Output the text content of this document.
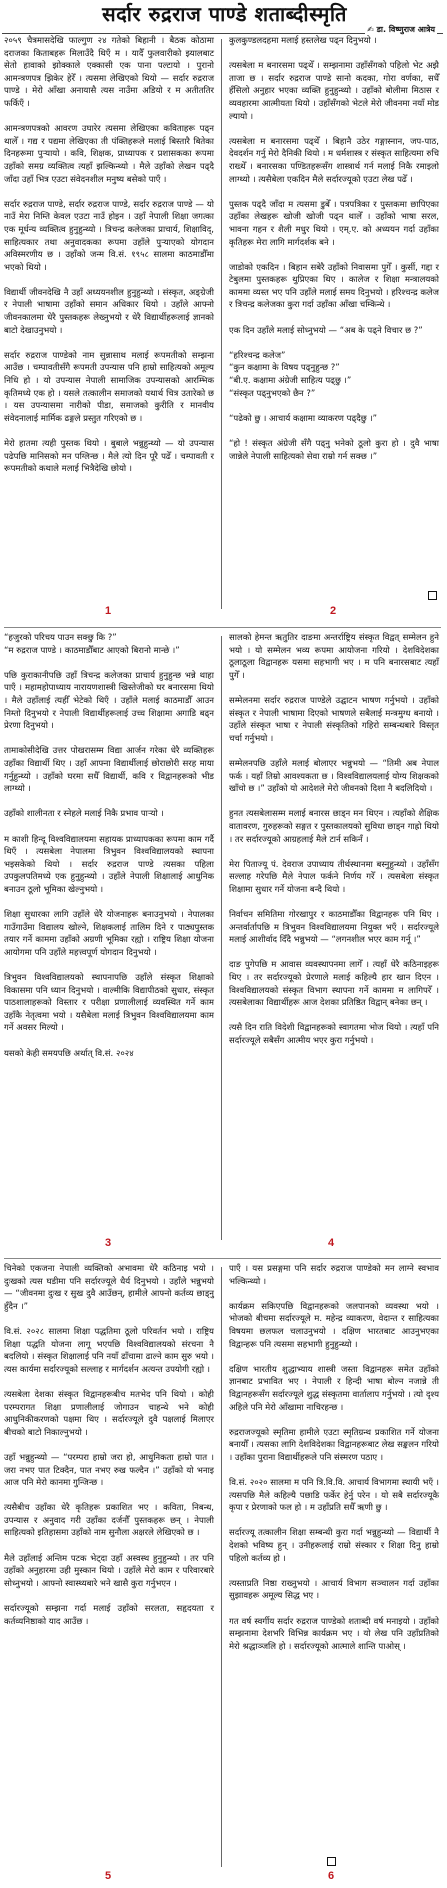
सर्दार रुद्रराज पाण्डे शताब्दीस्मृति
✍ डा. विष्णुराज आत्रेय

२०५९ चैत्रमासदेखि फाल्गुण २४ गतेको बिहानी । बैठक कोठामा दराजका किताबहरू मिलाउँदै थिएँ म । यादैँ फुलवारीको झ्यालबाट सेतो हावाको झोक्काले एक्कासी एक पाना पल्टायो । पुरानो आमन्त्रणपत्र झिकेर हेरेँ । त्यसमा लेखिएको थियो — सर्दार रुद्रराज पाण्डे । मेरो आँखा अनायासै त्यस नाउँमा अडियो र म अतीततिर फर्किएँ ।

आमन्त्रणपत्रको आवरण उघारेर त्यसमा लेखिएका कविताहरू पढ्न थालेँ । गद्य र पद्यमा लेखिएका ती पंक्तिहरूले मलाई बिस्तारै बितेका दिनहरूमा पुऱ्यायो । कवि, शिक्षक, प्राध्यापक र प्रशासकका रूपमा उहाँको समग्र व्यक्तित्व त्यहाँ झल्किन्थ्यो । मैले उहाँको लेखन पढ्दै जाँदा उहाँ भित्र एउटा संवेदनशील मनुष्य बसेको पाएँ ।

सर्दार रुद्रराज पाण्डे, सर्दार रुद्रराज पाण्डे, सर्दार रुद्रराज पाण्डे — यो नाउँ मेरा निम्ति केवल एउटा नाउँ होइन । उहाँ नेपाली शिक्षा जगत्का एक मूर्धन्य व्यक्तित्व हुनुहुन्थ्यो । त्रिचन्द्र कलेजका प्राचार्य, शिक्षाविद्, साहित्यकार तथा अनुवादकका रूपमा उहाँले पुऱ्याएको योगदान अविस्मरणीय छ । उहाँको जन्म वि.सं. १९५८ सालमा काठमाडौँमा भएको थियो ।

विद्यार्थी जीवनदेखि नै उहाँ अध्ययनशील हुनुहुन्थ्यो । संस्कृत, अङ्ग्रेजी र नेपाली भाषामा उहाँको समान अधिकार थियो । उहाँले आफ्नो जीवनकालमा धेरै पुस्तकहरू लेख्नुभयो र धेरै विद्यार्थीहरूलाई ज्ञानको बाटो देखाउनुभयो ।

सर्दार रुद्रराज पाण्डेको नाम सुन्नासाथ मलाई रूपमतीको सम्झना आउँछ । चम्पावतीसँगै रूपमती उपन्यास पनि हाम्रो साहित्यको अमूल्य निधि हो । यो उपन्यास नेपाली सामाजिक उपन्यासको आरम्भिक कृतिमध्ये एक हो । यसले तत्कालीन समाजको यथार्थ चित्र उतारेको छ । यस उपन्यासमा नारीको पीडा, समाजको कुरीति र मानवीय संवेदनालाई मार्मिक ढङ्गले प्रस्तुत गरिएको छ ।

मेरो हातमा त्यही पुस्तक थियो । बुबाले भन्नुहुन्थ्यो — यो उपन्यास पढेपछि मानिसको मन पग्लिन्छ । मैले त्यो दिन पूरै पढेँ । चम्पावती र रूपमतीको कथाले मलाई भित्रैदेखि छोयो ।

कुलकुण्डलदहमा मलाई हस्तलेख पढ्न दिनुभयो ।

त्यसबेला म बनारसमा पढ्थेँ । सम्झनामा उहाँसँगको पहिलो भेट अझै ताजा छ । सर्दार रुद्रराज पाण्डे सानो कदका, गोरा वर्णका, सधैँ हँसिलो अनुहार भएका व्यक्ति हुनुहुन्थ्यो । उहाँको बोलीमा मिठास र व्यवहारमा आत्मीयता थियो । उहाँसँगको भेटले मेरो जीवनमा नयाँ मोड ल्यायो ।

त्यसबेला म बनारसमा पढ्थेँ । बिहानै उठेर गङ्गास्नान, जप-पाठ, देवदर्शन गर्नु मेरो दैनिकी थियो । म धर्मशास्त्र र संस्कृत साहित्यमा रुचि राख्थेँ । बनारसका पण्डितहरूसँग शास्त्रार्थ गर्न मलाई निकै रमाइलो लाग्थ्यो । त्यसैबेला एकदिन मैले सर्दारज्यूको एउटा लेख पढेँ ।

पुस्तक पढ्दै जाँदा म त्यसमा डुबेँ । पत्रपत्रिका र पुस्तकमा छापिएका उहाँका लेखहरू खोजी खोजी पढ्न थालेँ । उहाँको भाषा सरल, भावना गहन र शैली मधुर थियो । एम्.ए. को अध्ययन गर्दा उहाँका कृतिहरू मेरा लागि मार्गदर्शक बने ।

जाडोको एकदिन । बिहान सबेरै उहाँको निवासमा पुगेँ । कुर्सी, गद्दा र टेबुलमा पुस्तकहरू थुप्रिएका थिए । कालेज र शिक्षा मन्त्रालयको काममा व्यस्त भए पनि उहाँले मलाई समय दिनुभयो । हरिश्चन्द्र कलेज र त्रिचन्द्र कलेजका कुरा गर्दा उहाँका आँखा चम्किन्थे ।

एक दिन उहाँले मलाई सोध्नुभयो — “अब के पढ्ने विचार छ ?”

“हरिश्चन्द्र कलेज”
“कुन कक्षामा के विषय पढ्नुहुन्छ ?”
“बी.ए. कक्षामा अंग्रेजी साहित्य पढ्छु ।”
“संस्कृत पढ्नुभएको छैन ?”

“पढेको छु । आचार्य कक्षामा व्याकरण पढ्दैछु ।”

“हो ! संस्कृत अंग्रेजी सँगै पढ्नु भनेको ठूलो कुरा हो । दुवै भाषा जान्नेले नेपाली साहित्यको सेवा राम्रो गर्न सक्छ ।”

1	2

“हजुरको परिचय पाउन सक्छु कि ?”
“म रुद्रराज पाण्डे । काठमाडौँबाट आएको बिरानो मान्छे ।”

पछि कुराकानीपछि उहाँ त्रिचन्द्र कलेजका प्राचार्य हुनुहुन्छ भन्ने थाहा पाएँ । महामहोपाध्याय नारायणशास्त्री खिस्तेजीको घर बनारसमा थियो । मैले उहाँलाई त्यहीँ भेटेको थिएँ । उहाँले मलाई काठमाडौँ आउन निम्तो दिनुभयो र नेपाली विद्यार्थीहरूलाई उच्च शिक्षामा अगाडि बढ्न प्रेरणा दिनुभयो ।

तामाकोसीदेखि उत्तर पोखरासम्म विद्या आर्जन गरेका धेरै व्यक्तिहरू उहाँका विद्यार्थी थिए । उहाँ आफ्ना विद्यार्थीलाई छोराछोरी सरह माया गर्नुहुन्थ्यो । उहाँको घरमा सधैँ विद्यार्थी, कवि र विद्वानहरूको भीड लाग्थ्यो ।

उहाँको शालीनता र स्नेहले मलाई निकै प्रभाव पाऱ्यो ।

म काशी हिन्दू विश्वविद्यालयमा सहायक प्राध्यापकका रूपमा काम गर्दै थिएँ । त्यसबेला नेपालमा त्रिभुवन विश्वविद्यालयको स्थापना भइसकेको थियो । सर्दार रुद्रराज पाण्डे त्यसका पहिला उपकुलपतिमध्ये एक हुनुहुन्थ्यो । उहाँले नेपाली शिक्षालाई आधुनिक बनाउन ठूलो भूमिका खेल्नुभयो ।

शिक्षा सुधारका लागि उहाँले धेरै योजनाहरू बनाउनुभयो । नेपालका गाउँगाउँमा विद्यालय खोल्ने, शिक्षकलाई तालिम दिने र पाठ्यपुस्तक तयार गर्ने काममा उहाँको अग्रणी भूमिका रह्यो । राष्ट्रिय शिक्षा योजना आयोगमा पनि उहाँले महत्त्वपूर्ण योगदान दिनुभयो ।

त्रिभुवन विश्वविद्यालयको स्थापनापछि उहाँले संस्कृत शिक्षाको विकासमा पनि ध्यान दिनुभयो । वाल्मीकि विद्यापीठको सुधार, संस्कृत पाठशालाहरूको विस्तार र परीक्षा प्रणालीलाई व्यवस्थित गर्ने काम उहाँकै नेतृत्वमा भयो । यसैबेला मलाई त्रिभुवन विश्वविद्यालयमा काम गर्ने अवसर मिल्यो ।

यसको केही समयपछि अर्थात् वि.सं. २०२४

सालको हेमन्त ऋतुतिर दाङमा अन्तर्राष्ट्रिय संस्कृत विद्वत् सम्मेलन हुने भयो । यो सम्मेलन भव्य रूपमा आयोजना गरियो । देशविदेशका ठूलाठूला विद्वानहरू यसमा सहभागी भए । म पनि बनारसबाट त्यहाँ पुगेँ ।

सम्मेलनमा सर्दार रुद्रराज पाण्डेले उद्घाटन भाषण गर्नुभयो । उहाँको संस्कृत र नेपाली भाषामा दिएको भाषणले सबैलाई मन्त्रमुग्ध बनायो । उहाँले संस्कृत भाषा र नेपाली संस्कृतिको गहिरो सम्बन्धबारे विस्तृत चर्चा गर्नुभयो ।

सम्मेलनपछि उहाँले मलाई बोलाएर भन्नुभयो — “तिमी अब नेपाल फर्क । यहाँ तिम्रो आवश्यकता छ । विश्वविद्यालयलाई योग्य शिक्षकको खाँचो छ ।” उहाँको यो आदेशले मेरो जीवनको दिशा नै बदलिदियो ।

हुनत त्यसबेलासम्म मलाई बनारस छाड्न मन थिएन । त्यहाँको शैक्षिक वातावरण, गुरुहरूको सङ्गत र पुस्तकालयको सुविधा छाड्न गाह्रो थियो । तर सर्दारज्यूको आग्रहलाई मैले टार्न सकिनँ ।

मेरा पिताज्यू पं. देवराज उपाध्याय तीर्थस्थानमा बस्नुहुन्थ्यो । उहाँसँग सल्लाह गरेपछि मैले नेपाल फर्कने निर्णय गरेँ । त्यसबेला संस्कृत शिक्षामा सुधार गर्ने योजना बन्दै थियो ।

निर्वाचन समितिमा गोरखापुर र काठमाडौँका विद्वानहरू पनि थिए । अन्तर्वार्तापछि म त्रिभुवन विश्वविद्यालयमा नियुक्त भएँ । सर्दारज्यूले मलाई आशीर्वाद दिँदै भन्नुभयो — “लगनशील भएर काम गर्नू ।”

दाङ पुगेपछि म आवास व्यवस्थापनमा लागेँ । त्यहाँ धेरै कठिनाइहरू थिए । तर सर्दारज्यूको प्रेरणाले मलाई कहिल्यै हार खान दिएन । विश्वविद्यालयको संस्कृत विभाग स्थापना गर्ने काममा म लागिपरेँ । त्यसबेलाका विद्यार्थीहरू आज देशका प्रतिष्ठित विद्वान् बनेका छन् ।

त्यसै दिन राति विदेशी विद्वानहरूको स्वागतमा भोज थियो । त्यहाँ पनि सर्दारज्यूले सबैसँग आत्मीय भएर कुरा गर्नुभयो ।

3	4

चिनेको एकजना नेपाली व्यक्तिको अभावमा धेरै कठिनाइ भयो । दुःखको त्यस घडीमा पनि सर्दारज्यूले धैर्य दिनुभयो । उहाँले भन्नुभयो — “जीवनमा दुःख र सुख दुवै आउँछन्, हामीले आफ्नो कर्तव्य छाड्नु हुँदैन ।”

वि.सं. २०२८ सालमा शिक्षा पद्धतिमा ठूलो परिवर्तन भयो । राष्ट्रिय शिक्षा पद्धति योजना लागू भएपछि विश्वविद्यालयको संरचना नै बदलियो । संस्कृत शिक्षालाई पनि नयाँ ढाँचामा ढाल्ने काम सुरु भयो । त्यस कार्यमा सर्दारज्यूको सल्लाह र मार्गदर्शन अत्यन्त उपयोगी रह्यो ।

त्यसबेला देशका संस्कृत विद्वानहरूबीच मतभेद पनि थियो । कोही परम्परागत शिक्षा प्रणालीलाई जोगाउन चाहन्थे भने कोही आधुनिकीकरणको पक्षमा थिए । सर्दारज्यूले दुवै पक्षलाई मिलाएर बीचको बाटो निकाल्नुभयो ।

उहाँ भन्नुहुन्थ्यो — “परम्परा हाम्रो जरा हो, आधुनिकता हाम्रो पात । जरा नभए पात टिक्दैन, पात नभए रुख फल्दैन ।” उहाँको यो भनाइ आज पनि मेरो कानमा गुन्जिन्छ ।

त्यसैबीच उहाँका धेरै कृतिहरू प्रकाशित भए । कविता, निबन्ध, उपन्यास र अनुवाद गरी उहाँका दर्जनौँ पुस्तकहरू छन् । नेपाली साहित्यको इतिहासमा उहाँको नाम सुनौला अक्षरले लेखिएको छ ।

मैले उहाँलाई अन्तिम पटक भेट्दा उहाँ अस्वस्थ हुनुहुन्थ्यो । तर पनि उहाँको अनुहारमा उही मुस्कान थियो । उहाँले मेरो काम र परिवारबारे सोध्नुभयो । आफ्नो स्वास्थ्यबारे भने खासै कुरा गर्नुभएन ।

सर्दारज्यूको सम्झना गर्दा मलाई उहाँको सरलता, सहृदयता र कर्तव्यनिष्ठाको याद आउँछ ।

पाएँ । यस प्रसङ्गमा पनि सर्दार रुद्रराज पाण्डेको मन लाग्ने स्वभाव भल्किन्थ्यो ।

कार्यक्रम सकिएपछि विद्वानहरूको जलपानको व्यवस्था भयो । भोजको बीचमा सर्दारज्यूले म. महेन्द्र व्याकरण, वेदान्त र साहित्यका विषयमा छलफल चलाउनुभयो । दक्षिण भारतबाट आउनुभएका विद्वान्हरू पनि त्यसमा सहभागी हुनुहुन्थ्यो ।

दक्षिण भारतीय शुद्धाभ्याय शास्त्री जस्ता विद्वानहरू समेत उहाँको ज्ञानबाट प्रभावित भए । नेपाली र हिन्दी भाषा बोल्न नजान्ने ती विद्वानहरूसँग सर्दारज्यूले शुद्ध संस्कृतमा वार्तालाप गर्नुभयो । त्यो दृश्य अहिले पनि मेरो आँखामा नाचिरहन्छ ।

रुद्रराजज्यूको स्मृतिमा हामीले एउटा स्मृतिग्रन्थ प्रकाशित गर्ने योजना बनायौँ । त्यसका लागि देशविदेशका विद्वानहरूबाट लेख सङ्कलन गरियो । उहाँका पुराना विद्यार्थीहरूले पनि संस्मरण पठाए ।

वि.सं. २०२० सालमा म पनि त्रि.वि.वि. आचार्य विभागमा स्थायी भएँ । त्यसपछि मैले कहिल्यै पछाडि फर्केर हेर्नु परेन । यो सबै सर्दारज्यूकै कृपा र प्रेरणाको फल हो । म उहाँप्रति सधैँ ऋणी छु ।

सर्दारज्यू तत्कालीन शिक्षा सम्बन्धी कुरा गर्दा भन्नुहुन्थ्यो — विद्यार्थी नै देशको भविष्य हुन् । उनीहरूलाई राम्रो संस्कार र शिक्षा दिनु हाम्रो पहिलो कर्तव्य हो ।

त्यस्ताप्रति निष्ठा राख्नुभयो । आचार्य विभाग सञ्चालन गर्दा उहाँका सुझावहरू अमूल्य सिद्ध भए ।

गत वर्ष स्वर्गीय सर्दार रुद्रराज पाण्डेको शताब्दी वर्ष मनाइयो । उहाँको सम्झनामा देशभरि विभिन्न कार्यक्रम भए । यो लेख पनि उहाँप्रतिको मेरो श्रद्धाञ्जलि हो । सर्दारज्यूको आत्माले शान्ति पाओस् ।

5	6
